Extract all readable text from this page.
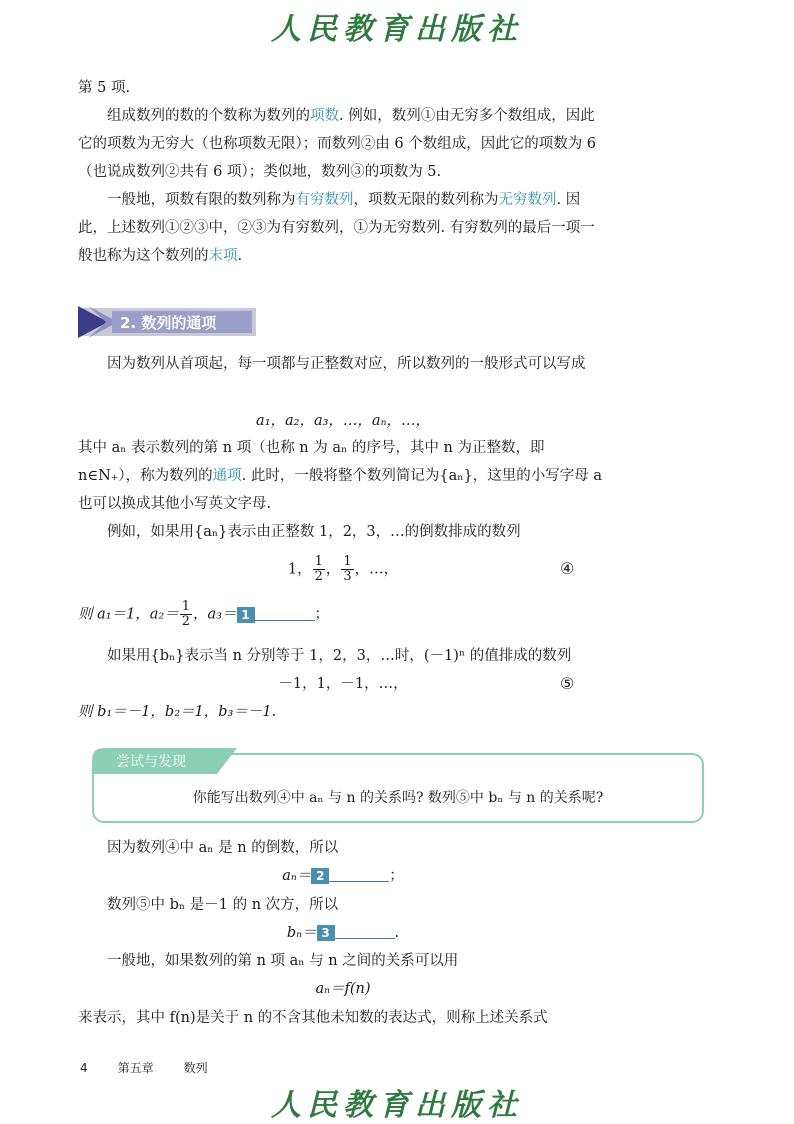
人民教育出版社
第 5 项.
组成数列的数的个数称为数列的项数. 例如，数列①由无穷多个数组成，因此它的项数为无穷大（也称项数无限）；而数列②由 6 个数组成，因此它的项数为 6（也说成数列②共有 6 项）；类似地，数列③的项数为 5.
一般地，项数有限的数列称为有穷数列，项数无限的数列称为无穷数列. 因此，上述数列①②③中，②③为有穷数列，①为无穷数列. 有穷数列的最后一项一般也称为这个数列的末项.
2. 数列的通项
因为数列从首项起，每一项都与正整数对应，所以数列的一般形式可以写成
a₁，a₂，a₃，…，aₙ，…，
其中 aₙ 表示数列的第 n 项（也称 n 为 aₙ 的序号，其中 n 为正整数，即 n∈N₊），称为数列的通项. 此时，一般将整个数列简记为{aₙ}，这里的小写字母 a 也可以换成其他小写英文字母.
例如，如果用{aₙ}表示由正整数 1，2，3，…的倒数排成的数列
1， $\frac{1}{2}$ ， $\frac{1}{3}$ ，…，	④
则 a₁＝1，$a_2= \frac{1}{2}$ ，a₃＝ 1	；
如果用{bₙ}表示当 n 分别等于 1，2，3，…时，(－1)ⁿ 的值排成的数列
－1，1，－1，…，	⑤
则 b₁＝－1，b₂＝1，b₃＝－1.
尝试与发现
你能写出数列④中 aₙ 与 n 的关系吗? 数列⑤中 bₙ 与 n 的关系呢?
因为数列④中 aₙ 是 n 的倒数，所以
aₙ＝ 2	；
数列⑤中 bₙ 是－1 的 n 次方，所以
bₙ＝ 3	.
一般地，如果数列的第 n 项 aₙ 与 n 之间的关系可以用
aₙ＝f(n)
来表示，其中 f(n)是关于 n 的不含其他未知数的表达式，则称上述关系式
4	第五章	数列
人民教育出版社
